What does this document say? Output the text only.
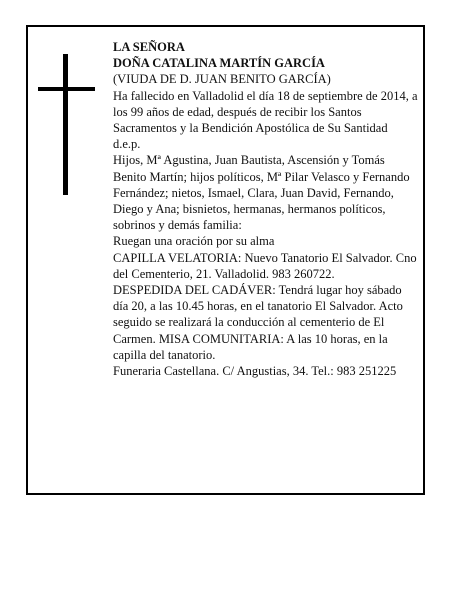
LA SEÑORA

DOÑA CATALINA MARTÍN GARCÍA

(VIUDA DE D. JUAN BENITO GARCÍA)

Ha fallecido en Valladolid el día 18 de septiembre de 2014, a los 99 años de edad, después de recibir los Santos Sacramentos y la Bendición Apostólica de Su Santidad

d.e.p.

Hijos, Mª Agustina, Juan Bautista, Ascensión y Tomás Benito Martín; hijos políticos, Mª Pilar Velasco y Fernando Fernández; nietos, Ismael, Clara, Juan David, Fernando, Diego y Ana; bisnietos, hermanas, hermanos políticos, sobrinos y demás familia:

Ruegan una oración por su alma

CAPILLA VELATORIA: Nuevo Tanatorio El Salvador. Cno del Cementerio, 21. Valladolid. 983 260722.

DESPEDIDA DEL CADÁVER: Tendrá lugar hoy sábado día 20, a las 10.45 horas, en el tanatorio El Salvador. Acto seguido se realizará la conducción al cementerio de El Carmen. MISA COMUNITARIA: A las 10 horas, en la capilla del tanatorio.

Funeraria Castellana. C/ Angustias, 34. Tel.: 983 251225
